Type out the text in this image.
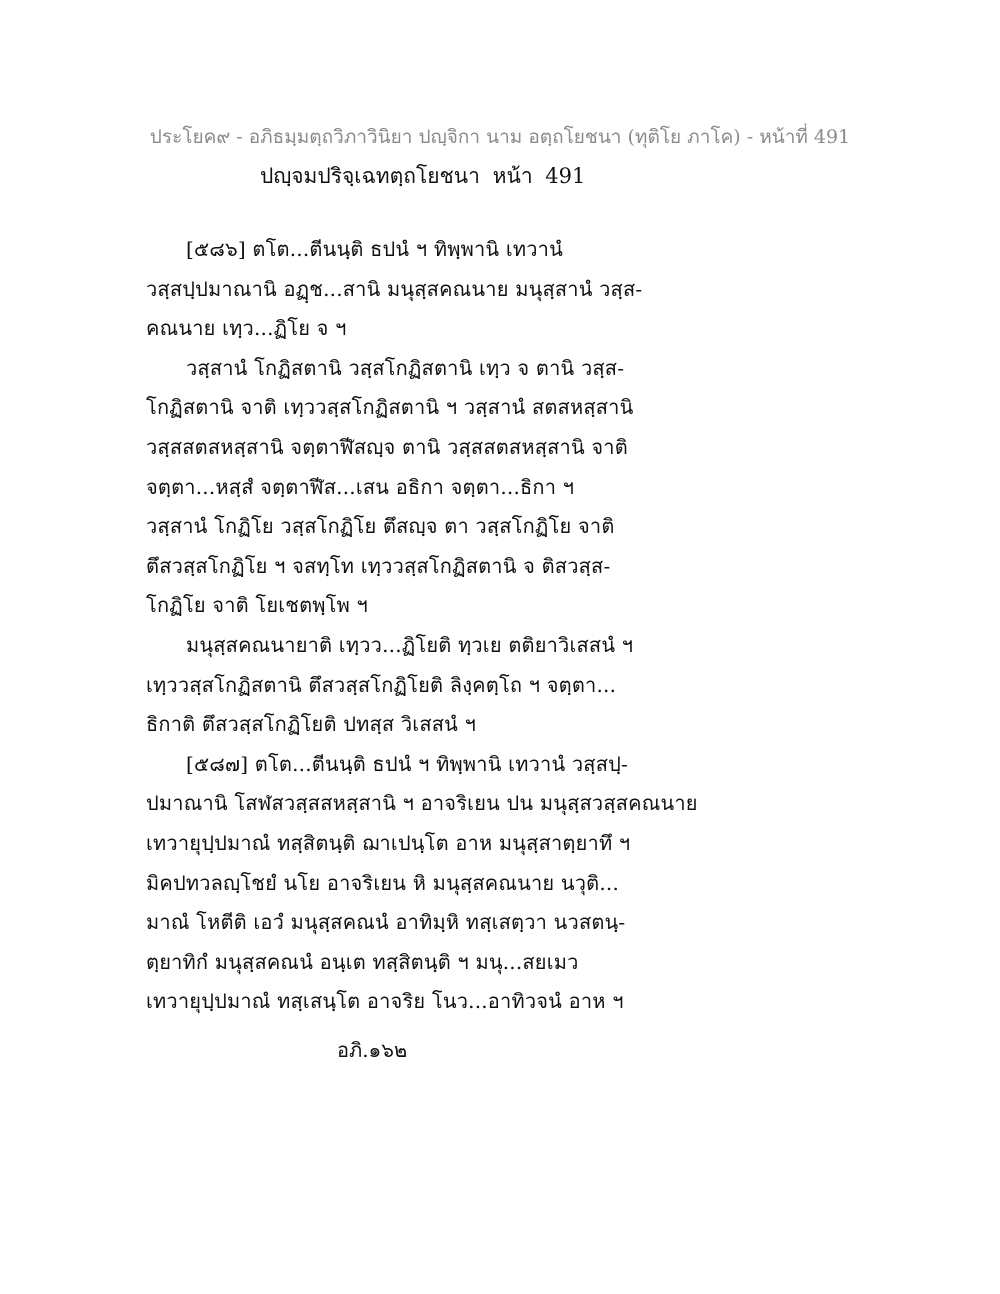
ประโยค๙ - อภิธมฺมตฺถวิภาวินิยา ปญฺจิกา นาม อตฺถโยชนา (ทุติโย ภาโค) - หน้าที่ 491
ปญฺจมปริจฺเฉทตฺถโยชนา หน้า 491
[๕๘๖] ตโต...ตีนนฺติ ธปนํ ฯ ทิพฺพานิ เทวานํ
วสฺสปฺปมาณานิ อฏฺช...สานิ มนุสฺสคณนาย มนุสฺสานํ วสฺส-
คณนาย เทฺว...ฏิโย จ ฯ
วสฺสานํ โกฏิสตานิ วสฺสโกฏิสตานิ เทฺว จ ตานิ วสฺส-
โกฏิสตานิ จาติ เทฺววสฺสโกฏิสตานิ ฯ วสฺสานํ สตสหสฺสานิ
วสฺสสตสหสฺสานิ จตฺตาฬีสญฺจ ตานิ วสฺสสตสหสฺสานิ จาติ
จตฺตา...หสฺสํ จตฺตาฬีส...เสน อธิกา จตฺตา...ธิกา ฯ
วสฺสานํ โกฏิโย วสฺสโกฏิโย ตึสญฺจ ตา วสฺสโกฏิโย จาติ
ตึสวสฺสโกฏิโย ฯ จสทฺโท เทฺววสฺสโกฏิสตานิ จ ติสวสฺส-
โกฏิโย จาติ โยเชตพฺโพ ฯ
มนุสฺสคณนายาติ เทฺวว...ฏิโยติ ทฺวเย ตติยาวิเสสนํ ฯ
เทฺววสฺสโกฏิสตานิ ตึสวสฺสโกฏิโยติ ลิงฺคตฺโถ ฯ จตฺตา...
ธิกาติ ตึสวสฺสโกฏิโยติ ปทสฺส วิเสสนํ ฯ
[๕๘๗] ตโต...ตีนนฺติ ธปนํ ฯ ทิพฺพานิ เทวานํ วสฺสปฺ-
ปมาณานิ โสฬสวสฺสสหสฺสานิ ฯ อาจริเยน ปน มนุสฺสวสฺสคณนาย
เทวายุปฺปมาณํ ทสฺสิตนฺติ ฌาเปนฺโต อาห มนุสฺสาตฺยาทึ ฯ
มิคปทวลญฺโชยํ นโย อาจริเยน หิ มนุสฺสคณนาย นวุติ...
มาณํ โหตีติ เอวํ มนุสฺสคณนํ อาทิมฺหิ ทสฺเสตฺวา นวสตนฺ-
ตฺยาทิกํ มนุสฺสคณนํ อนฺเต ทสฺสิตนฺติ ฯ มนุ...สยเมว
เทวายุปฺปมาณํ ทสฺเสนฺโต อาจริย โนว...อาทิวจนํ อาห ฯ
อภิ.๑๖๒
